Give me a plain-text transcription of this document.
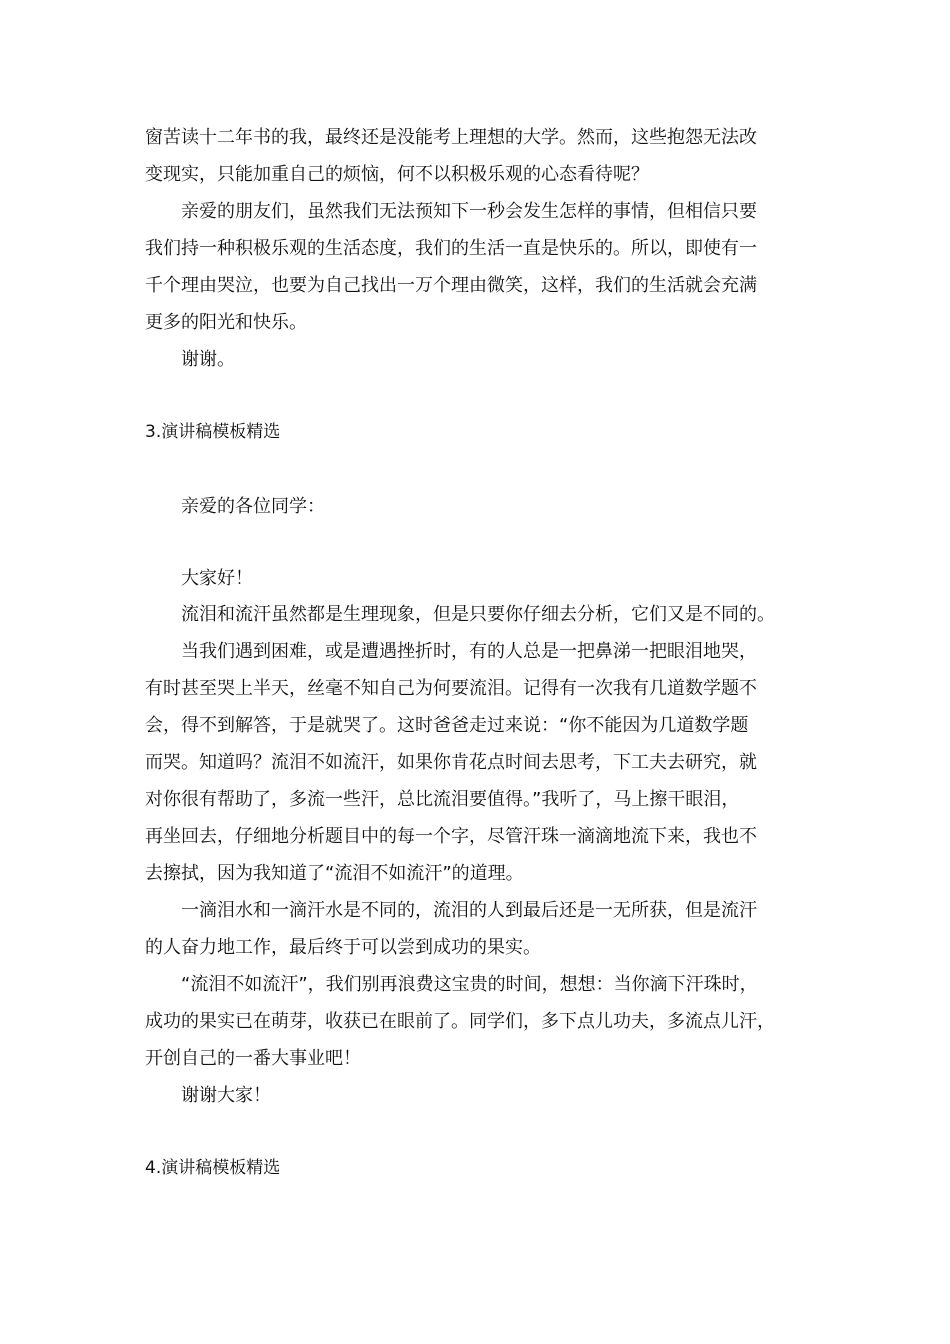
窗苦读十二年书的我，最终还是没能考上理想的大学。然而，这些抱怨无法改
变现实，只能加重自己的烦恼，何不以积极乐观的心态看待呢？
亲爱的朋友们，虽然我们无法预知下一秒会发生怎样的事情，但相信只要
我们持一种积极乐观的生活态度，我们的生活一直是快乐的。所以，即使有一
千个理由哭泣，也要为自己找出一万个理由微笑，这样，我们的生活就会充满
更多的阳光和快乐。
谢谢。
3.演讲稿模板精选
亲爱的各位同学：
大家好！
流泪和流汗虽然都是生理现象，但是只要你仔细去分析，它们又是不同的。
当我们遇到困难，或是遭遇挫折时，有的人总是一把鼻涕一把眼泪地哭，
有时甚至哭上半天，丝毫不知自己为何要流泪。记得有一次我有几道数学题不
会，得不到解答，于是就哭了。这时爸爸走过来说：“你不能因为几道数学题
而哭。知道吗？流泪不如流汗，如果你肯花点时间去思考，下工夫去研究，就
对你很有帮助了，多流一些汗，总比流泪要值得。”我听了，马上擦干眼泪，
再坐回去，仔细地分析题目中的每一个字，尽管汗珠一滴滴地流下来，我也不
去擦拭，因为我知道了“流泪不如流汗”的道理。
一滴泪水和一滴汗水是不同的，流泪的人到最后还是一无所获，但是流汗
的人奋力地工作，最后终于可以尝到成功的果实。
“流泪不如流汗”，我们别再浪费这宝贵的时间，想想：当你滴下汗珠时，
成功的果实已在萌芽，收获已在眼前了。同学们，多下点儿功夫，多流点儿汗，
开创自己的一番大事业吧！
谢谢大家！
4.演讲稿模板精选
